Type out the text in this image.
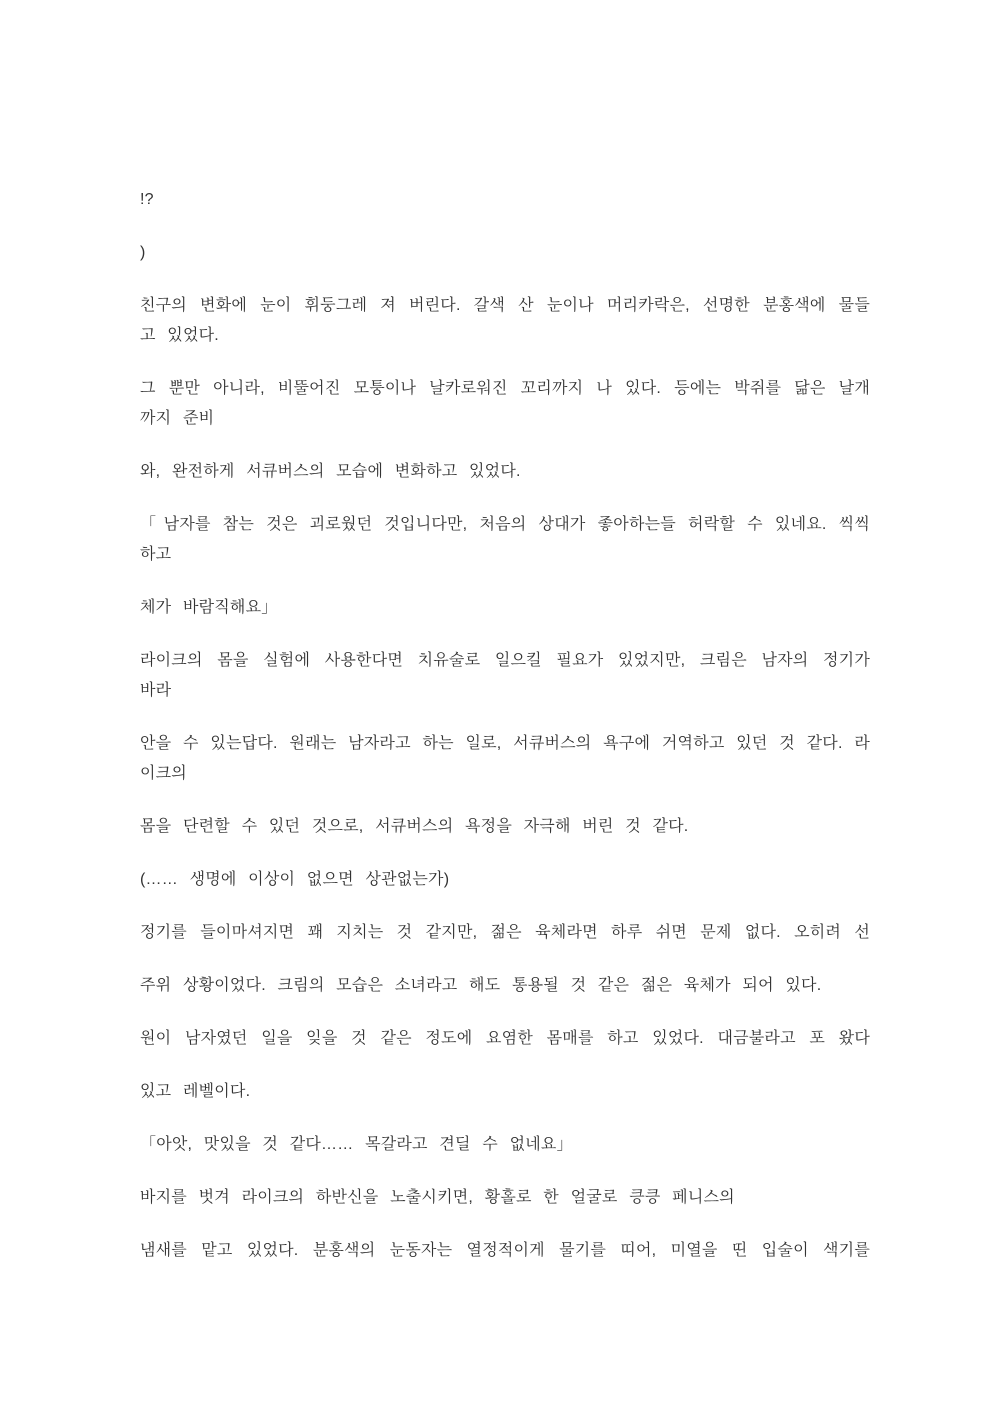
!?
)
친구의 변화에 눈이 휘둥그레 져 버린다. 갈색 산 눈이나 머리카락은, 선명한 분홍색에 물들
고 있었다.
그 뿐만 아니라, 비뚤어진 모퉁이나 날카로워진 꼬리까지 나 있다. 등에는 박쥐를 닮은 날개
까지 준비
와, 완전하게 서큐버스의 모습에 변화하고 있었다.
「남자를 참는 것은 괴로웠던 것입니다만, 처음의 상대가 좋아하는들 허락할 수 있네요. 씩씩
하고
체가 바람직해요」
라이크의 몸을 실험에 사용한다면 치유술로 일으킬 필요가 있었지만, 크림은 남자의 정기가
바라
안을 수 있는답다. 원래는 남자라고 하는 일로, 서큐버스의 욕구에 거역하고 있던 것 같다. 라
이크의
몸을 단련할 수 있던 것으로, 서큐버스의 욕정을 자극해 버린 것 같다.
(…… 생명에 이상이 없으면 상관없는가)
정기를 들이마셔지면 꽤 지치는 것 같지만, 젊은 육체라면 하루 쉬면 문제 없다. 오히려 선
주위 상황이었다. 크림의 모습은 소녀라고 해도 통용될 것 같은 젊은 육체가 되어 있다.
원이 남자였던 일을 잊을 것 같은 정도에 요염한 몸매를 하고 있었다. 대금불라고 포 왔다
있고 레벨이다.
「아앗, 맛있을 것 같다…… 목갈라고 견딜 수 없네요」
바지를 벗겨 라이크의 하반신을 노출시키면, 황홀로 한 얼굴로 킁킁 페니스의
냄새를 맡고 있었다. 분홍색의 눈동자는 열정적이게 물기를 띠어, 미열을 띤 입술이 색기를
